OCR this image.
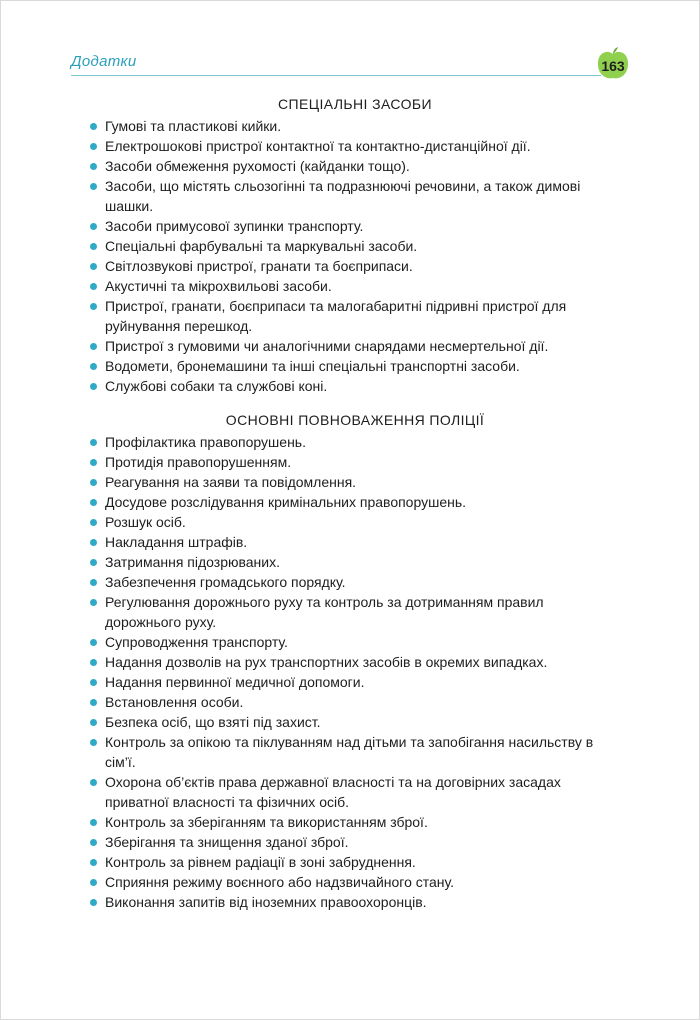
Додатки	163
СПЕЦІАЛЬНІ ЗАСОБИ
Гумові та пластикові кийки.
Електрошокові пристрої контактної та контактно-дистанційної дії.
Засоби обмеження рухомості (кайданки тощо).
Засоби, що містять сльозогінні та подразнюючі речовини, а також димові шашки.
Засоби примусової зупинки транспорту.
Спеціальні фарбувальні та маркувальні засоби.
Світлозвукові пристрої, гранати та боєприпаси.
Акустичні та мікрохвильові засоби.
Пристрої, гранати, боєприпаси та малогабаритні підривні пристрої для руйнування перешкод.
Пристрої з гумовими чи аналогічними снарядами несмертельної дії.
Водомети, бронемашини та інші спеціальні транспортні засоби.
Службові собаки та службові коні.
ОСНОВНІ ПОВНОВАЖЕННЯ ПОЛІЦІЇ
Профілактика правопорушень.
Протидія правопорушенням.
Реагування на заяви та повідомлення.
Досудове розслідування кримінальних правопорушень.
Розшук осіб.
Накладання штрафів.
Затримання підозрюваних.
Забезпечення громадського порядку.
Регулювання дорожнього руху та контроль за дотриманням правил дорожнього руху.
Супроводження транспорту.
Надання дозволів на рух транспортних засобів в окремих випадках.
Надання первинної медичної допомоги.
Встановлення особи.
Безпека осіб, що взяті під захист.
Контроль за опікою та піклуванням над дітьми та запобігання насильству в сім’ї.
Охорона об’єктів права державної власності та на договірних засадах приватної власності та фізичних осіб.
Контроль за зберіганням та використанням зброї.
Зберігання та знищення зданої зброї.
Контроль за рівнем радіації в зоні забруднення.
Сприяння режиму воєнного або надзвичайного стану.
Виконання запитів від іноземних правоохоронців.
